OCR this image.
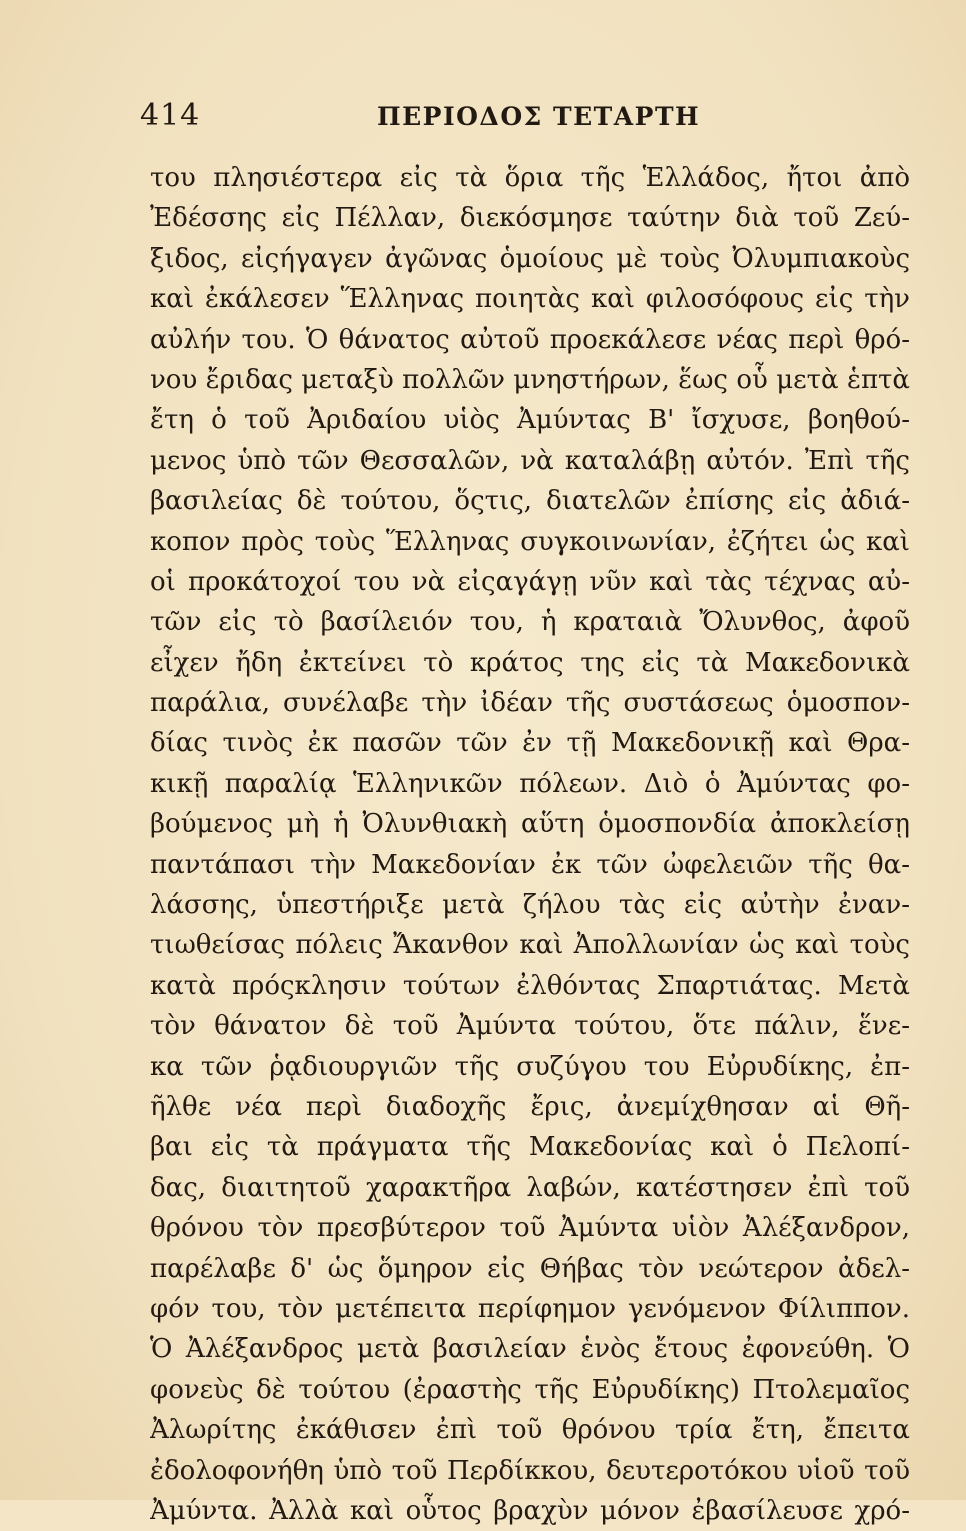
414	ΠΕΡΙΟΔΟΣ ΤΕΤΑΡΤΗ
του πλησιέστερα εἰς τὰ ὅρια τῆς Ἑλλάδος, ἤτοι ἀπὸ
Ἐδέσσης εἰς Πέλλαν, διεκόσμησε ταύτην διὰ τοῦ Ζεύ-
ξιδος, εἰςήγαγεν ἀγῶνας ὁμοίους μὲ τοὺς Ὀλυμπιακοὺς
καὶ ἐκάλεσεν Ἕλληνας ποιητὰς καὶ φιλοσόφους εἰς τὴν
αὐλήν του. Ὁ θάνατος αὐτοῦ προεκάλεσε νέας περὶ θρό-
νου ἔριδας μεταξὺ πολλῶν μνηστήρων, ἕως οὗ μετὰ ἑπτὰ
ἔτη ὁ τοῦ Ἀριδαίου υἱὸς Ἀμύντας Β' ἴσχυσε, βοηθού-
μενος ὑπὸ τῶν Θεσσαλῶν, νὰ καταλάβῃ αὐτόν. Ἐπὶ τῆς
βασιλείας δὲ τούτου, ὅςτις, διατελῶν ἐπίσης εἰς ἀδιά-
κοπον πρὸς τοὺς Ἕλληνας συγκοινωνίαν, ἐζήτει ὡς καὶ
οἱ προκάτοχοί του νὰ εἰςαγάγῃ νῦν καὶ τὰς τέχνας αὐ-
τῶν εἰς τὸ βασίλειόν του, ἡ κραταιὰ Ὄλυνθος, ἀφοῦ
εἶχεν ἤδη ἐκτείνει τὸ κράτος της εἰς τὰ Μακεδονικὰ
παράλια, συνέλαβε τὴν ἰδέαν τῆς συστάσεως ὁμοσπον-
δίας τινὸς ἐκ πασῶν τῶν ἐν τῇ Μακεδονικῇ καὶ Θρα-
κικῇ παραλίᾳ Ἑλληνικῶν πόλεων. Διὸ ὁ Ἀμύντας φο-
βούμενος μὴ ἡ Ὀλυνθιακὴ αὕτη ὁμοσπονδία ἀποκλείσῃ
παντάπασι τὴν Μακεδονίαν ἐκ τῶν ὠφελειῶν τῆς θα-
λάσσης, ὑπεστήριξε μετὰ ζήλου τὰς εἰς αὐτὴν ἐναν-
τιωθείσας πόλεις Ἄκανθον καὶ Ἀπολλωνίαν ὡς καὶ τοὺς
κατὰ πρόςκλησιν τούτων ἐλθόντας Σπαρτιάτας. Μετὰ
τὸν θάνατον δὲ τοῦ Ἀμύντα τούτου, ὅτε πάλιν, ἕνε-
κα τῶν ῥᾳδιουργιῶν τῆς συζύγου του Εὐρυδίκης, ἐπ-
ῆλθε νέα περὶ διαδοχῆς ἔρις, ἀνεμίχθησαν αἱ Θῆ-
βαι εἰς τὰ πράγματα τῆς Μακεδονίας καὶ ὁ Πελοπί-
δας, διαιτητοῦ χαρακτῆρα λαβών, κατέστησεν ἐπὶ τοῦ
θρόνου τὸν πρεσβύτερον τοῦ Ἀμύντα υἱὸν Ἀλέξανδρον,
παρέλαβε δ' ὡς ὅμηρον εἰς Θήβας τὸν νεώτερον ἀδελ-
φόν του, τὸν μετέπειτα περίφημον γενόμενον Φίλιππον.
Ὁ Ἀλέξανδρος μετὰ βασιλείαν ἑνὸς ἔτους ἐφονεύθη. Ὁ
φονεὺς δὲ τούτου (ἐραστὴς τῆς Εὐρυδίκης) Πτολεμαῖος
Ἀλωρίτης ἐκάθισεν ἐπὶ τοῦ θρόνου τρία ἔτη, ἔπειτα
ἐδολοφονήθη ὑπὸ τοῦ Περδίκκου, δευτεροτόκου υἱοῦ τοῦ
Ἀμύντα. Ἀλλὰ καὶ οὗτος βραχὺν μόνον ἐβασίλευσε χρό-
